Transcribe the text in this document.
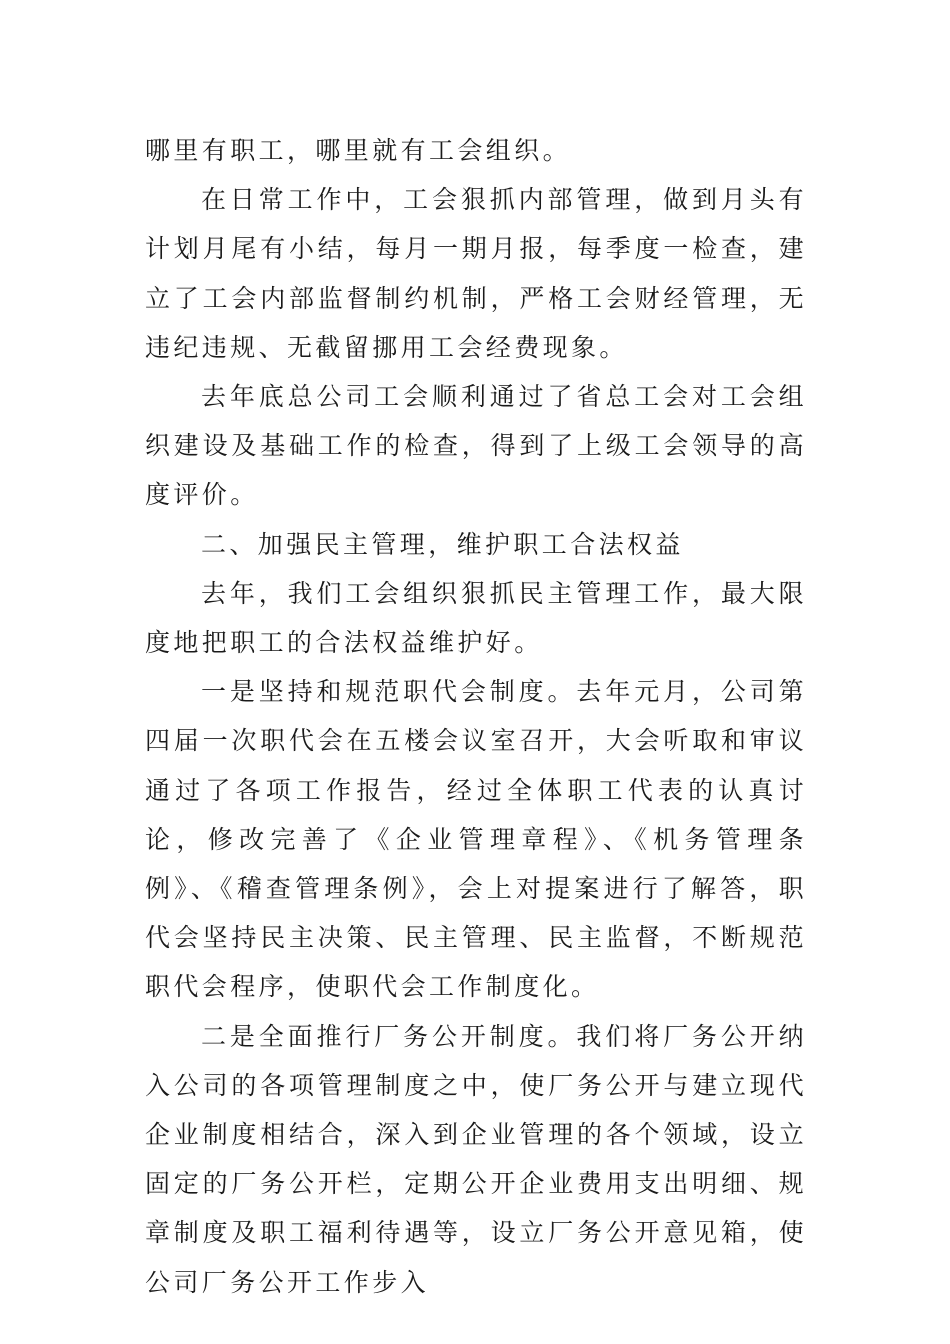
哪里有职工，哪里就有工会组织。

在日常工作中，工会狠抓内部管理，做到月头有计划月尾有小结，每月一期月报，每季度一检查，建立了工会内部监督制约机制，严格工会财经管理，无违纪违规、无截留挪用工会经费现象。

去年底总公司工会顺利通过了省总工会对工会组织建设及基础工作的检查，得到了上级工会领导的高度评价。

二、加强民主管理，维护职工合法权益

去年，我们工会组织狠抓民主管理工作，最大限度地把职工的合法权益维护好。

一是坚持和规范职代会制度。去年元月，公司第四届一次职代会在五楼会议室召开，大会听取和审议通过了各项工作报告，经过全体职工代表的认真讨论，修改完善了《企业管理章程》、《机务管理条例》、《稽查管理条例》，会上对提案进行了解答，职代会坚持民主决策、民主管理、民主监督，不断规范职代会程序，使职代会工作制度化。

二是全面推行厂务公开制度。我们将厂务公开纳入公司的各项管理制度之中，使厂务公开与建立现代企业制度相结合，深入到企业管理的各个领域，设立固定的厂务公开栏，定期公开企业费用支出明细、规章制度及职工福利待遇等，设立厂务公开意见箱，使公司厂务公开工作步入
